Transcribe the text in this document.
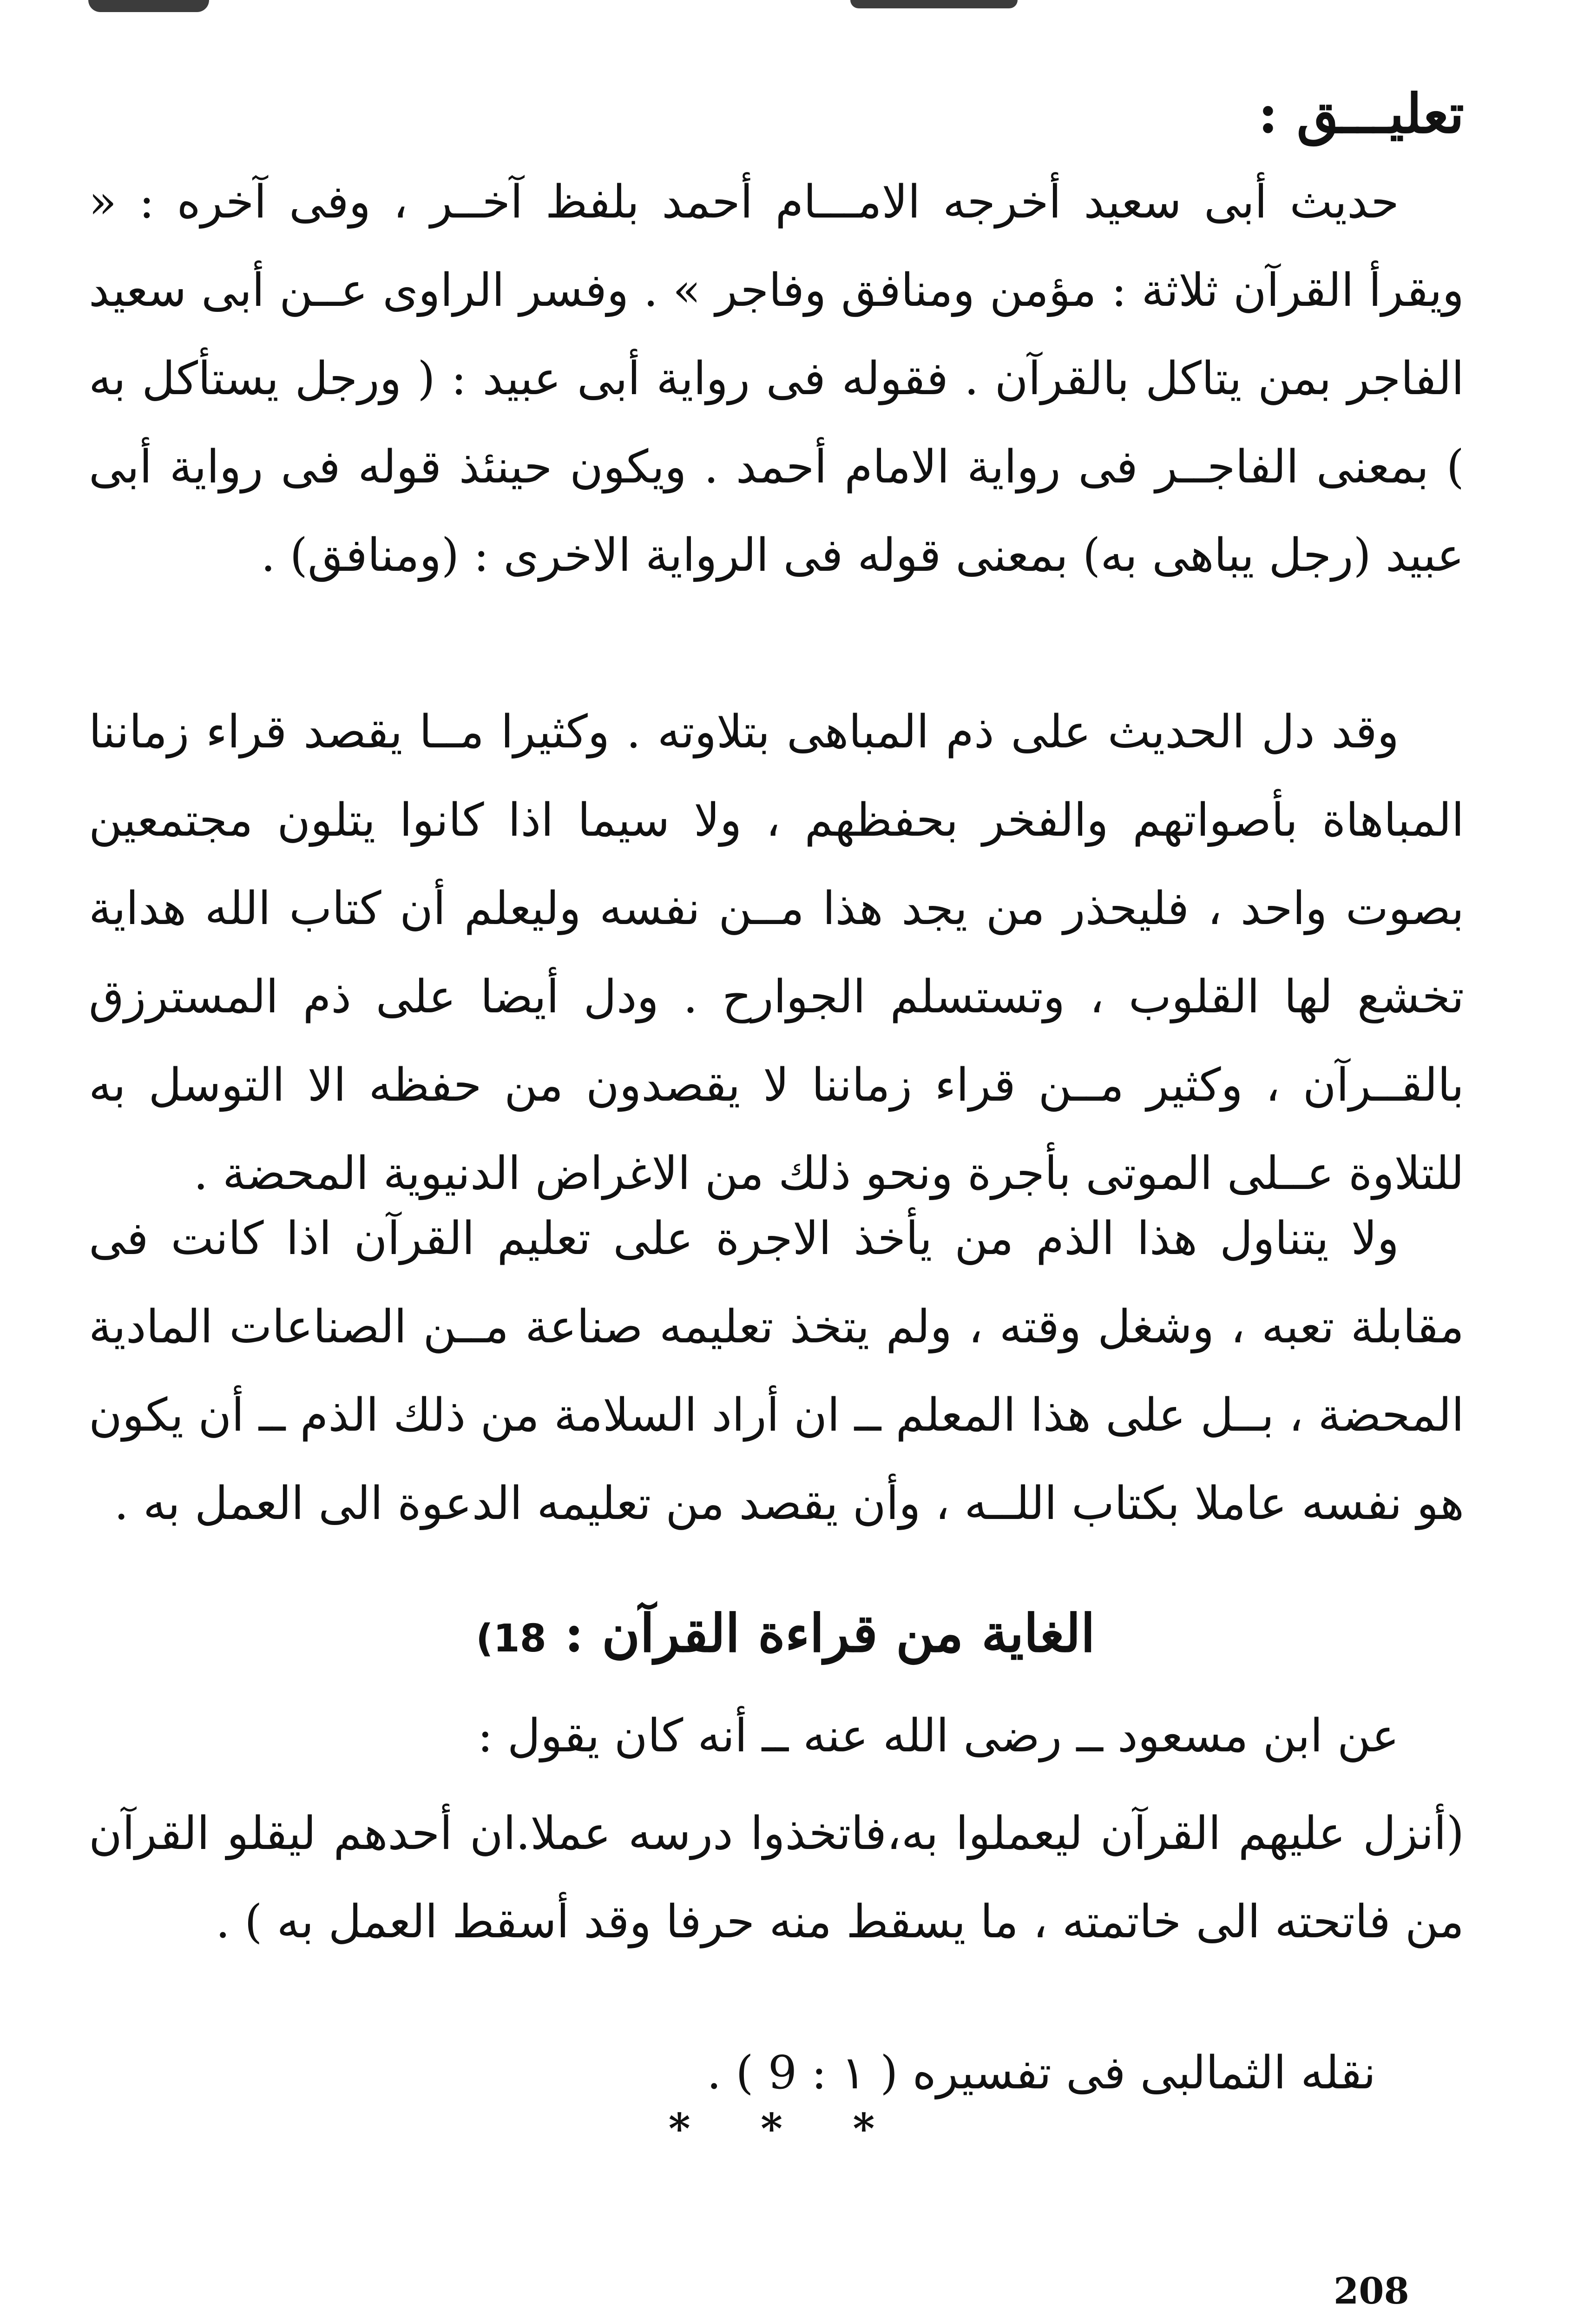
تعليـــق :

حديث أبى سعيد أخرجه الامـــام أحمد بلفظ آخــر ، وفى آخره : « ويقرأ القرآن ثلاثة : مؤمن ومنافق وفاجر » . وفسر الراوى عــن أبى سعيد الفاجر بمن يتاكل بالقرآن . فقوله فى رواية أبى عبيد : ( ورجل يستأكل به ) بمعنى الفاجــر فى رواية الامام أحمد . ويكون حينئذ قوله فى رواية أبى عبيد (رجل يباهى به) بمعنى قوله فى الرواية الاخرى : (ومنافق) .

وقد دل الحديث على ذم المباهى بتلاوته . وكثيرا مــا يقصد قراء زماننا المباهاة بأصواتهم والفخر بحفظهم ، ولا سيما اذا كانوا يتلون مجتمعين بصوت واحد ، فليحذر من يجد هذا مــن نفسه وليعلم أن كتاب الله هداية تخشع لها القلوب ، وتستسلم الجوارح . ودل أيضا على ذم المسترزق بالقــرآن ، وكثير مــن قراء زماننا لا يقصدون من حفظه الا التوسل به للتلاوة عــلى الموتى بأجرة ونحو ذلك من الاغراض الدنيوية المحضة .

ولا يتناول هذا الذم من يأخذ الاجرة على تعليم القرآن اذا كانت فى مقابلة تعبه ، وشغل وقته ، ولم يتخذ تعليمه صناعة مــن الصناعات المادية المحضة ، بــل على هذا المعلم ــ ان أراد السلامة من ذلك الذم ــ أن يكون هو نفسه عاملا بكتاب اللــه ، وأن يقصد من تعليمه الدعوة الى العمل به .

الغاية من قراءة القرآن : 18)

عن ابن مسعود ــ رضى الله عنه ــ أنه كان يقول :

(أنزل عليهم القرآن ليعملوا به،فاتخذوا درسه عملا.ان أحدهم ليقلو القرآن من فاتحته الى خاتمته ، ما يسقط منه حرفا وقد أسقط العمل به ) .

نقله الثمالبى فى تفسيره ( ١ : 9 ) .
* * *
208
